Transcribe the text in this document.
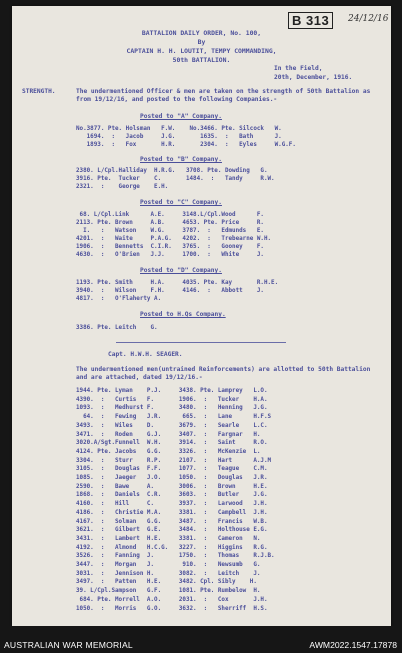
B 313	24/12/16
BATTALION DAILY ORDER, No. 100,
By
CAPTAIN H. H. LOUTIT, TEMPY COMMANDING,
50th BATTALION.
In the Field,
20th, December, 1916.
STRENGTH.	The undermentioned Officer & men are taken on the strength of 50th Battalion as from 19/12/16, and posted to the following Companies.-
Posted to "A" Company.
No.3877. Pte. Holsman   F.W.    No.3466. Pte. Silcock   W.
1694.  :   Jacob     J.G.       1635.  :   Bath      J.
1893.  :   Fox       H.R.       2304.  :   Eyles     W.G.F.
Posted to "B" Company.
2380. L/Cpl.Halliday  H.R.G.   3708. Pte. Dowding   G.
3916. Pte.  Tucker    C.       1484.  :   Tandy     R.W.
2321.  :    George    E.H.
Posted to "C" Company.
68. L/Cpl.Link      A.E.     3148.L/Cpl.Wood      F.
2113. Pte. Brown     A.B.     4653. Pte. Price     R.
I.   :   Watson    W.G.     3787.  :   Edmunds   E.
4201.  :   Waite     P.A.G.   4202.  :   Trebearne W.H.
1906.  :   Bennetts  C.I.R.   3765.  :   Gooney    F.
4630.  :   O'Brien   J.J.     1700.  :   White     J.
Posted to "D" Company.
1193. Pte. Smith     H.A.     4035. Pte. Kay       R.H.E.
3940.  :   Wilson    F.H.     4146.  :   Abbott    J.
4817.  :   O'Flaherty A.
Posted to H.Qs Company.
3386. Pte. Leitch    G.
Capt. H.W.H. SEAGER.
The undermentioned men(untrained Reinforcements) are allotted to 50th Battalion and are attached, dated 19/12/16.-
1944. Pte. Lyman    P.J.     3438. Pte. Lamprey   L.O.
4390.  :   Curtis   F.       1906.  :   Tucker    H.A.
1093.  :   Medhurst F.       3480.  :   Henning   J.G.
64.  :   Fewing   J.R.      665.  :   Lane      H.F.S
3493.  :   Wiles    D.       3679.  :   Searle    L.C.
3471.  :   Roden    G.J.     3407.  :   Fargnar   H.
3020.A/Sgt.Funnell  W.H.     3914.  :   Saint     R.O.
4124. Pte. Jacobs   G.G.     3326.  :   McKenzie  L.
3304.  :   Sturr    R.P.     2107.  :   Hart      A.J.M
3105.  :   Douglas  F.F.     1077.  :   Teague    C.M.
1085.  :   Jaeger   J.O.     1050.  :   Douglas   J.R.
2590.  :   Bawe     A.       3006.  :   Brown     H.E.
1868.  :   Daniels  C.R.     3603.  :   Butler    J.G.
4160.  :   Hill     C.       3937.  :   Larwood   J.H.
4186.  :   Christie M.A.     3381.  :   Campbell  J.H.
4167.  :   Solman   G.G.     3487.  :   Francis   W.B.
3621.  :   Gilbert  G.E.     3484.  :   Holthouse E.G.
3431.  :   Lambert  H.E.     3381.  :   Cameron   N.
4192.  :   Almond   H.C.G.   3227.  :   Higgins   R.G.
3526.  :   Fanning  J.       1750.  :   Thomas    R.J.B.
3447.  :   Morgan   J.        910.  :   Newsumb   G.
3031.  :   Jennison H.       3082.  :   Leitch    J.
3497.  :   Patten   H.E.     3482. Cpl. Sibly    H.
39. L/Cpl.Sampson   G.F.     1081. Pte. Rumbelow  H.
684. Pte. Morrell  A.O.     2031.  :   Cox       J.H.
1050.  :   Morris   G.O.     3632.  :   Sherriff  H.S.
AUSTRALIAN WAR MEMORIAL	AWM2022.1547.17878
